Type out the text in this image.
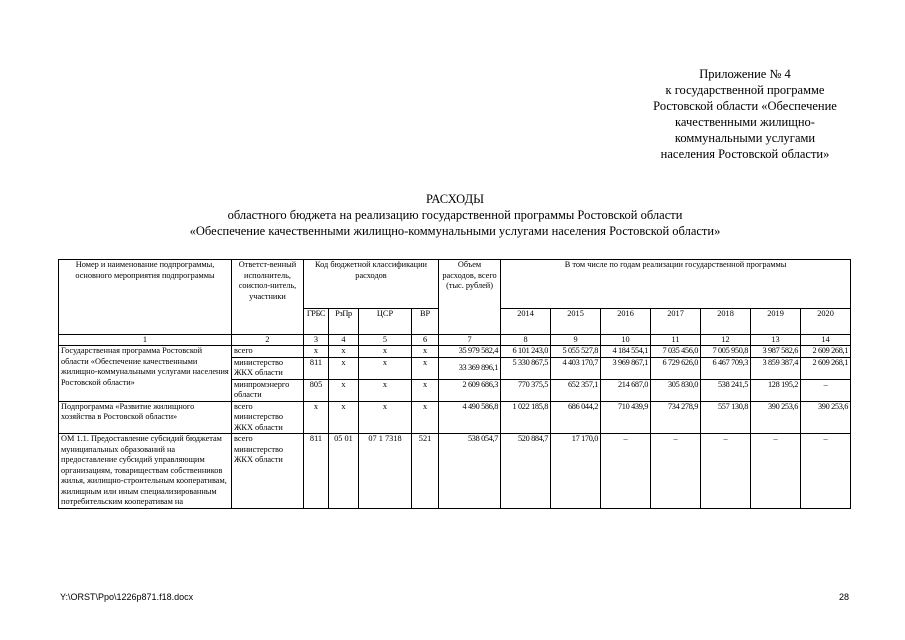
Приложение № 4
к государственной программе
Ростовской области «Обеспечение
качественными жилищно-
коммунальными услугами
населения Ростовской области»
РАСХОДЫ
областного бюджета на реализацию государственной программы Ростовской области
«Обеспечение качественными жилищно-коммунальными услугами населения Ростовской области»
Номер и наименование подпрограммы, основного мероприятия подпрограммы	Ответст-венный исполнитель, соиспол-нитель, участники	Код бюджетной классификации расходов				Объем расходов, всего (тыс. рублей)	В том числе по годам реализации государственной программы						
		ГРБС	РзПр	ЦСР	ВР		2014	2015	2016	2017	2018	2019	2020
1	2	3	4	5	6	7	8	9	10	11	12	13	14
Государственная программа Ростовской области «Обеспечение качественными жилищно-коммунальными услугами населения Ростовской области»	всего	х	х	х	х	35 979 582,4	6 101 243,0	5 055 527,8	4 184 554,1	7 035 456,0	7 005 950,8	3 987 582,6	2 609 268,1
	министерство ЖКХ области	811	х	х	х	33 369 896,1	5 330 867,5	4 403 170,7	3 969 867,1	6 729 626,0	6 467 709,3	3 859 387,4	2 609 268,1
	минпромэнерго области	805	х	х	х	2 609 686,3	770 375,5	652 357,1	214 687,0	305 830,0	538 241,5	128 195,2	–
Подпрограмма «Развитие жилищного хозяйства в Ростовской области»	всего министерство ЖКХ области	х	х	х	х	4 490 586,8	1 022 185,8	686 044,2	710 439,9	734 278,9	557 130,8	390 253,6	390 253,6
ОМ 1.1. Предоставление субсидий бюджетам муниципальных образований на предоставление субсидий управляющим организациям, товариществам собственников жилья, жилищно-строительным кооперативам, жилищным или иным специализированным потребительским кооперативам на	всего министерство ЖКХ области	811	05 01	07 1 7318	521	538 054,7	520 884,7	17 170,0	–	–	–	–	–
Y:\ORST\Ppo\1226p871.f18.docx	28
